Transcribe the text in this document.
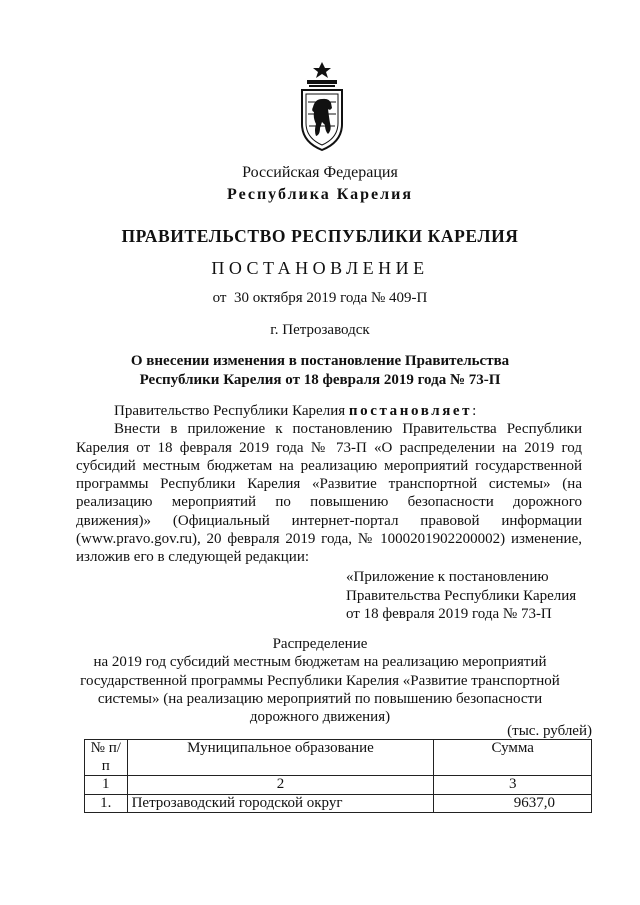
Российская Федерация
Республика Карелия
ПРАВИТЕЛЬСТВО РЕСПУБЛИКИ КАРЕЛИЯ
ПОСТАНОВЛЕНИЕ
от  30 октября 2019 года № 409-П
г. Петрозаводск
О внесении изменения в постановление Правительства
Республики Карелия от 18 февраля 2019 года № 73-П

Правительство Республики Карелия постановляет:

Внести в приложение к постановлению Правительства Республики Карелия от 18 февраля 2019 года № 73-П «О распределении на 2019 год субсидий местным бюджетам на реализацию мероприятий государственной программы Республики Карелия «Развитие транспортной системы» (на реализацию мероприятий по повышению безопасности дорожного движения)» (Официальный интернет-портал правовой информации (www.pravo.gov.ru), 20 февраля 2019 года, № 1000201902200002) изменение, изложив его в следующей редакции:

«Приложение к постановлению
Правительства Республики Карелия
от 18 февраля 2019 года № 73-П
Распределение
на 2019 год субсидий местным бюджетам на реализацию мероприятий государственной программы Республики Карелия «Развитие транспортной системы» (на реализацию мероприятий по повышению безопасности дорожного движения)
(тыс. рублей)
№ п/п	Муниципальное образование	Сумма
1	2	3
1.	Петрозаводский городской округ	9637,0
